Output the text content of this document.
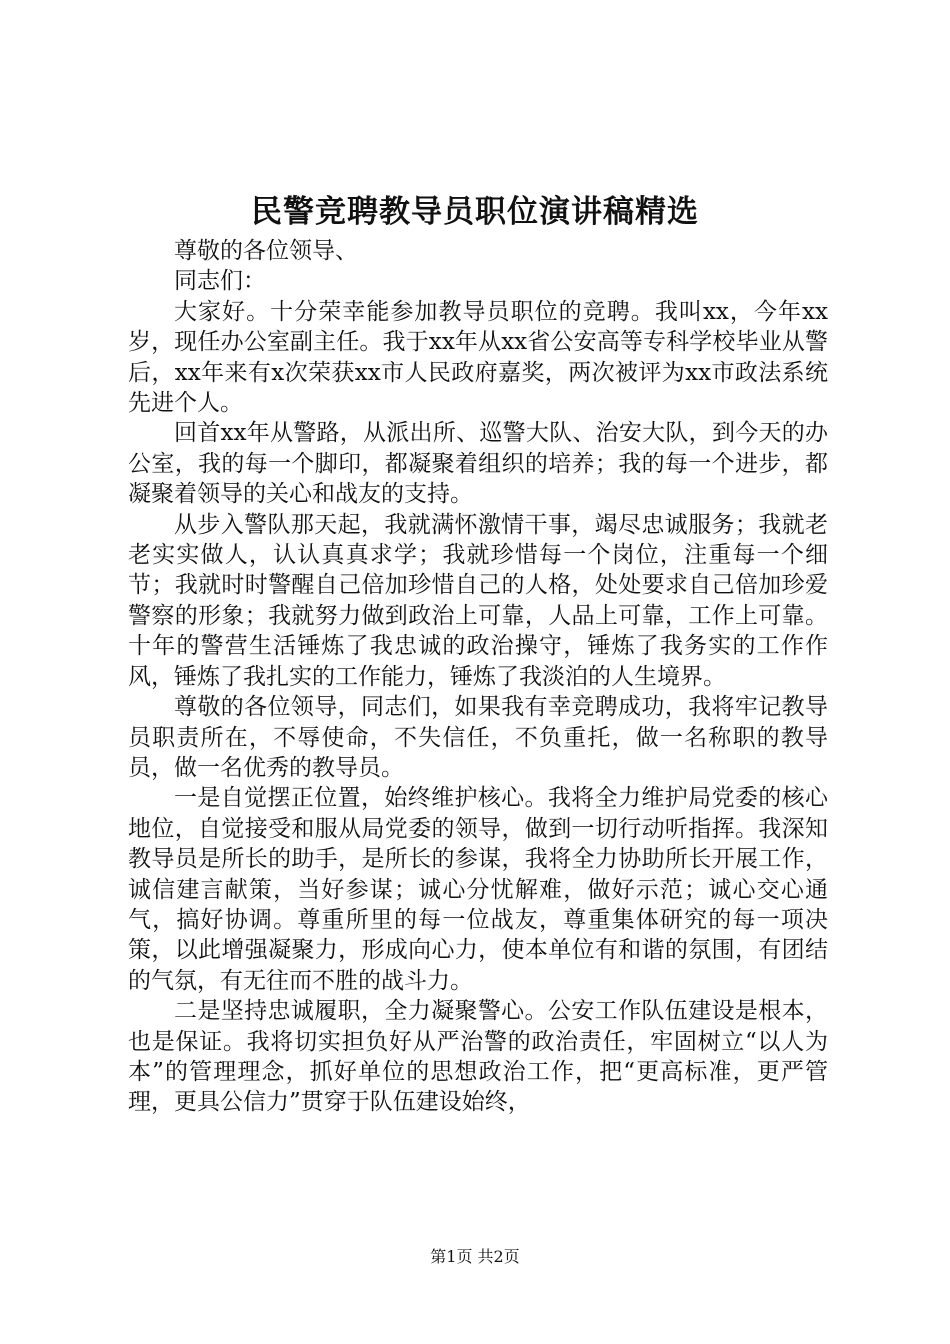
民警竞聘教导员职位演讲稿精选

尊敬的各位领导、

同志们：

大家好。十分荣幸能参加教导员职位的竞聘。我叫xx，今年xx岁，现任办公室副主任。我于xx年从xx省公安高等专科学校毕业从警后，xx年来有x次荣获xx市人民政府嘉奖，两次被评为xx市政法系统先进个人。

回首xx年从警路，从派出所、巡警大队、治安大队，到今天的办公室，我的每一个脚印，都凝聚着组织的培养；我的每一个进步，都凝聚着领导的关心和战友的支持。

从步入警队那天起，我就满怀激情干事，竭尽忠诚服务；我就老老实实做人，认认真真求学；我就珍惜每一个岗位，注重每一个细节；我就时时警醒自己倍加珍惜自己的人格，处处要求自己倍加珍爱警察的形象；我就努力做到政治上可靠，人品上可靠，工作上可靠。十年的警营生活锤炼了我忠诚的政治操守，锤炼了我务实的工作作风，锤炼了我扎实的工作能力，锤炼了我淡泊的人生境界。

尊敬的各位领导，同志们，如果我有幸竞聘成功，我将牢记教导员职责所在，不辱使命，不失信任，不负重托，做一名称职的教导员，做一名优秀的教导员。

一是自觉摆正位置，始终维护核心。我将全力维护局党委的核心地位，自觉接受和服从局党委的领导，做到一切行动听指挥。我深知教导员是所长的助手，是所长的参谋，我将全力协助所长开展工作，诚信建言献策，当好参谋；诚心分忧解难，做好示范；诚心交心通气，搞好协调。尊重所里的每一位战友，尊重集体研究的每一项决策，以此增强凝聚力，形成向心力，使本单位有和谐的氛围，有团结的气氛，有无往而不胜的战斗力。

二是坚持忠诚履职，全力凝聚警心。公安工作队伍建设是根本，也是保证。我将切实担负好从严治警的政治责任，牢固树立“以人为本”的管理理念，抓好单位的思想政治工作，把“更高标准，更严管理，更具公信力”贯穿于队伍建设始终，

第1页 共2页
